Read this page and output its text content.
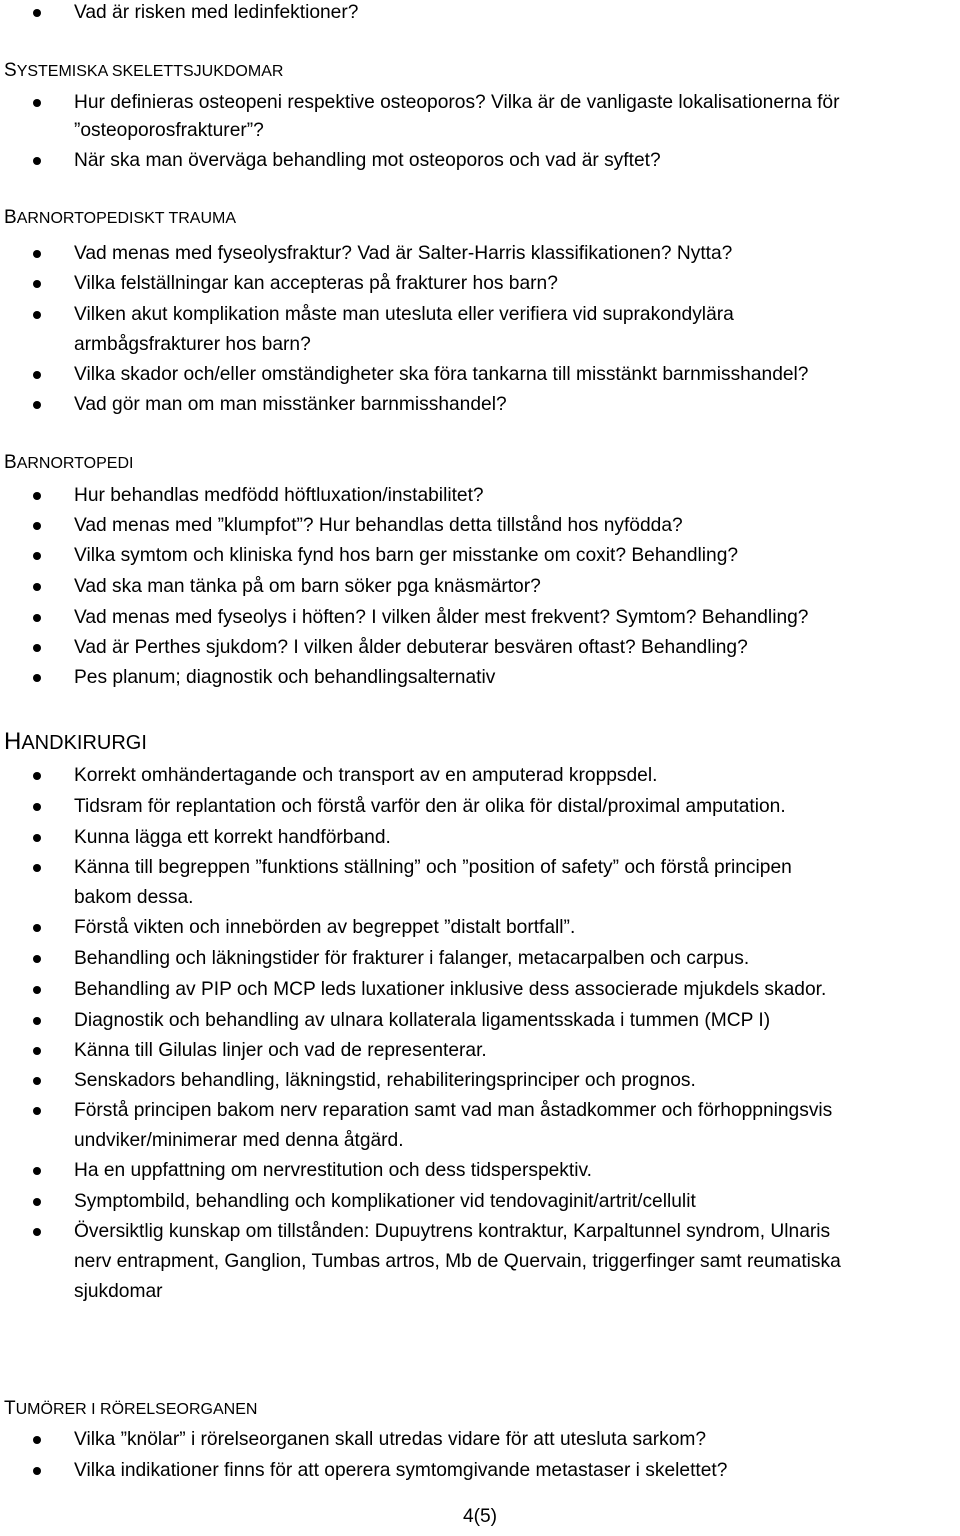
Vad är risken med ledinfektioner?
SYSTEMISKA SKELETTSJUKDOMAR
Hur definieras osteopeni respektive osteoporos? Vilka är de vanligaste lokalisationerna för
”osteoporosfrakturer”?
När ska man överväga behandling mot osteoporos och vad är syftet?
BARNORTOPEDISKT TRAUMA
Vad menas med fyseolysfraktur? Vad är Salter-Harris klassifikationen? Nytta?
Vilka felställningar kan accepteras på frakturer hos barn?
Vilken akut komplikation måste man utesluta eller verifiera vid suprakondylära
armbågsfrakturer hos barn?
Vilka skador och/eller omständigheter ska föra tankarna till misstänkt barnmisshandel?
Vad gör man om man misstänker barnmisshandel?
BARNORTOPEDI
Hur behandlas medfödd höftluxation/instabilitet?
Vad menas med ”klumpfot”? Hur behandlas detta tillstånd hos nyfödda?
Vilka symtom och kliniska fynd hos barn ger misstanke om coxit? Behandling?
Vad ska man tänka på om barn söker pga knäsmärtor?
Vad menas med fyseolys i höften? I vilken ålder mest frekvent? Symtom? Behandling?
Vad är Perthes sjukdom? I vilken ålder debuterar besvären oftast? Behandling?
Pes planum; diagnostik och behandlingsalternativ
HANDKIRURGI
Korrekt omhändertagande och transport av en amputerad kroppsdel.
Tidsram för replantation och förstå varför den är olika för distal/proximal amputation.
Kunna lägga ett korrekt handförband.
Känna till begreppen ”funktions ställning” och ”position of safety” och förstå principen
bakom dessa.
Förstå vikten och innebörden av begreppet ”distalt bortfall”.
Behandling och läkningstider för frakturer i falanger, metacarpalben och carpus.
Behandling av PIP och MCP leds luxationer inklusive dess associerade mjukdels skador.
Diagnostik och behandling av ulnara kollaterala ligamentsskada i tummen (MCP I)
Känna till Gilulas linjer och vad de representerar.
Senskadors behandling, läkningstid, rehabiliteringsprinciper och prognos.
Förstå principen bakom nerv reparation samt vad man åstadkommer och förhoppningsvis
undviker/minimerar med denna åtgärd.
Ha en uppfattning om nervrestitution och dess tidsperspektiv.
Symptombild, behandling och komplikationer vid tendovaginit/artrit/cellulit
Översiktlig kunskap om tillstånden: Dupuytrens kontraktur, Karpaltunnel syndrom, Ulnaris
nerv entrapment, Ganglion, Tumbas artros, Mb de Quervain, triggerfinger samt reumatiska
sjukdomar
TUMÖRER I RÖRELSEORGANEN
Vilka ”knölar” i rörelseorganen skall utredas vidare för att utesluta sarkom?
Vilka indikationer finns för att operera symtomgivande metastaser i skelettet?
4(5)
